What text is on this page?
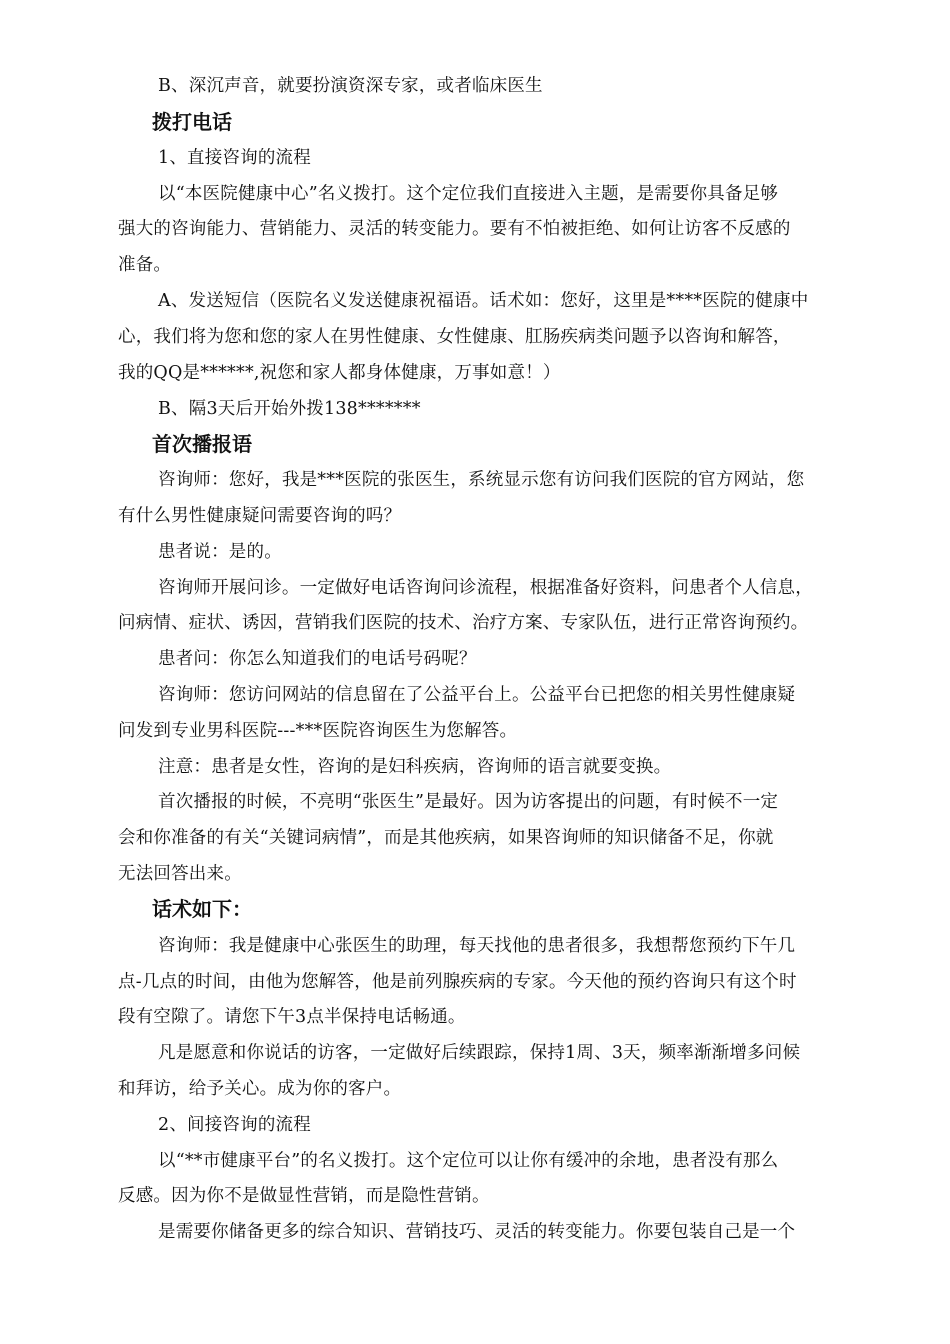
B、深沉声音，就要扮演资深专家，或者临床医生
拨打电话
1、直接咨询的流程
以“本医院健康中心”名义拨打。这个定位我们直接进入主题，是需要你具备足够
强大的咨询能力、营销能力、灵活的转变能力。要有不怕被拒绝、如何让访客不反感的
准备。
A、发送短信（医院名义发送健康祝福语。话术如：您好，这里是****医院的健康中
心，我们将为您和您的家人在男性健康、女性健康、肛肠疾病类问题予以咨询和解答，
我的QQ是******,祝您和家人都身体健康，万事如意！）
B、隔3天后开始外拨138*******
首次播报语
咨询师：您好，我是***医院的张医生，系统显示您有访问我们医院的官方网站，您
有什么男性健康疑问需要咨询的吗？
患者说：是的。
咨询师开展问诊。一定做好电话咨询问诊流程，根据准备好资料，问患者个人信息，
问病情、症状、诱因，营销我们医院的技术、治疗方案、专家队伍，进行正常咨询预约。
患者问：你怎么知道我们的电话号码呢？
咨询师：您访问网站的信息留在了公益平台上。公益平台已把您的相关男性健康疑
问发到专业男科医院---***医院咨询医生为您解答。
注意：患者是女性，咨询的是妇科疾病，咨询师的语言就要变换。
首次播报的时候，不亮明“张医生”是最好。因为访客提出的问题，有时候不一定
会和你准备的有关“关键词病情”，而是其他疾病，如果咨询师的知识储备不足，你就
无法回答出来。
话术如下：
咨询师：我是健康中心张医生的助理，每天找他的患者很多，我想帮您预约下午几
点-几点的时间，由他为您解答，他是前列腺疾病的专家。今天他的预约咨询只有这个时
段有空隙了。请您下午3点半保持电话畅通。
凡是愿意和你说话的访客，一定做好后续跟踪，保持1周、3天，频率渐渐增多问候
和拜访，给予关心。成为你的客户。
2、间接咨询的流程
以“**市健康平台”的名义拨打。这个定位可以让你有缓冲的余地，患者没有那么
反感。因为你不是做显性营销，而是隐性营销。
是需要你储备更多的综合知识、营销技巧、灵活的转变能力。你要包装自己是一个
